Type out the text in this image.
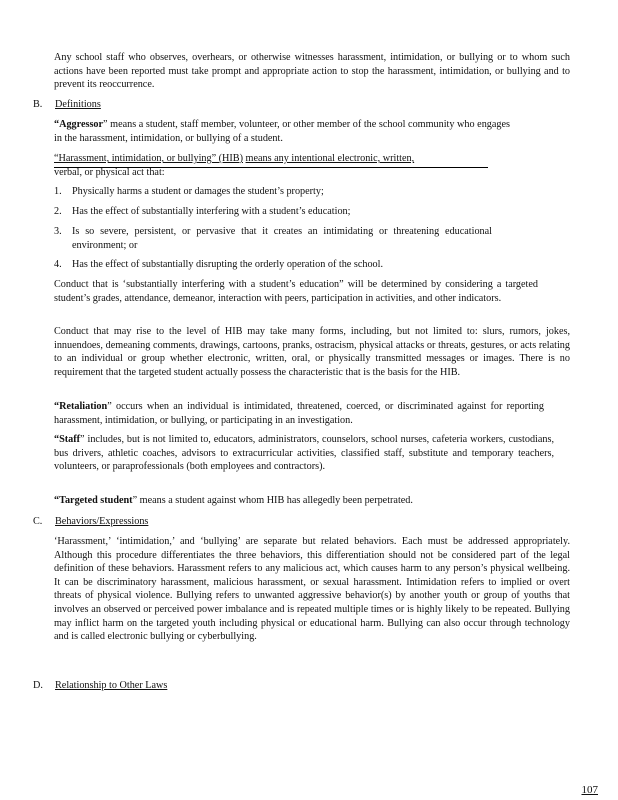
Any school staff who observes, overhears, or otherwise witnesses harassment, intimidation, or bullying or to whom such actions have been reported must take prompt and appropriate action to stop the harassment, intimidation, or bullying and to prevent its reoccurrence.

B. Definitions

“Aggressor” means a student, staff member, volunteer, or other member of the school community who engages in the harassment, intimidation, or bullying of a student.

“Harassment, intimidation, or bullying” (HIB) means any intentional electronic, written,

verbal, or physical act that:

1. Physically harms a student or damages the student’s property;
2. Has the effect of substantially interfering with a student’s education;
3. Is so severe, persistent, or pervasive that it creates an intimidating or threatening educational environment; or
4. Has the effect of substantially disrupting the orderly operation of the school.

Conduct that is ‘substantially interfering with a student’s education” will be determined by considering a targeted student’s grades, attendance, demeanor, interaction with peers, participation in activities, and other indicators.

Conduct that may rise to the level of HIB may take many forms, including, but not limited to: slurs, rumors, jokes, innuendoes, demeaning comments, drawings, cartoons, pranks, ostracism, physical attacks or threats, gestures, or acts relating to an individual or group whether electronic, written, oral, or physically transmitted messages or images. There is no requirement that the targeted student actually possess the characteristic that is the basis for the HIB.

“Retaliation” occurs when an individual is intimidated, threatened, coerced, or discriminated against for reporting harassment, intimidation, or bullying, or participating in an investigation.

“Staff” includes, but is not limited to, educators, administrators, counselors, school nurses, cafeteria workers, custodians, bus drivers, athletic coaches, advisors to extracurricular activities, classified staff, substitute and temporary teachers, volunteers, or paraprofessionals (both employees and contractors).

“Targeted student” means a student against whom HIB has allegedly been perpetrated.

C. Behaviors/Expressions

‘Harassment,’ ‘intimidation,’ and ‘bullying’ are separate but related behaviors. Each must be addressed appropriately. Although this procedure differentiates the three behaviors, this differentiation should not be considered part of the legal definition of these behaviors. Harassment refers to any malicious act, which causes harm to any person’s physical wellbeing. It can be discriminatory harassment, malicious harassment, or sexual harassment. Intimidation refers to implied or overt threats of physical violence. Bullying refers to unwanted aggressive behavior(s) by another youth or group of youths that involves an observed or perceived power imbalance and is repeated multiple times or is highly likely to be repeated. Bullying may inflict harm on the targeted youth including physical or educational harm. Bullying can also occur through technology and is called electronic bullying or cyberbullying.

D. Relationship to Other Laws
107
